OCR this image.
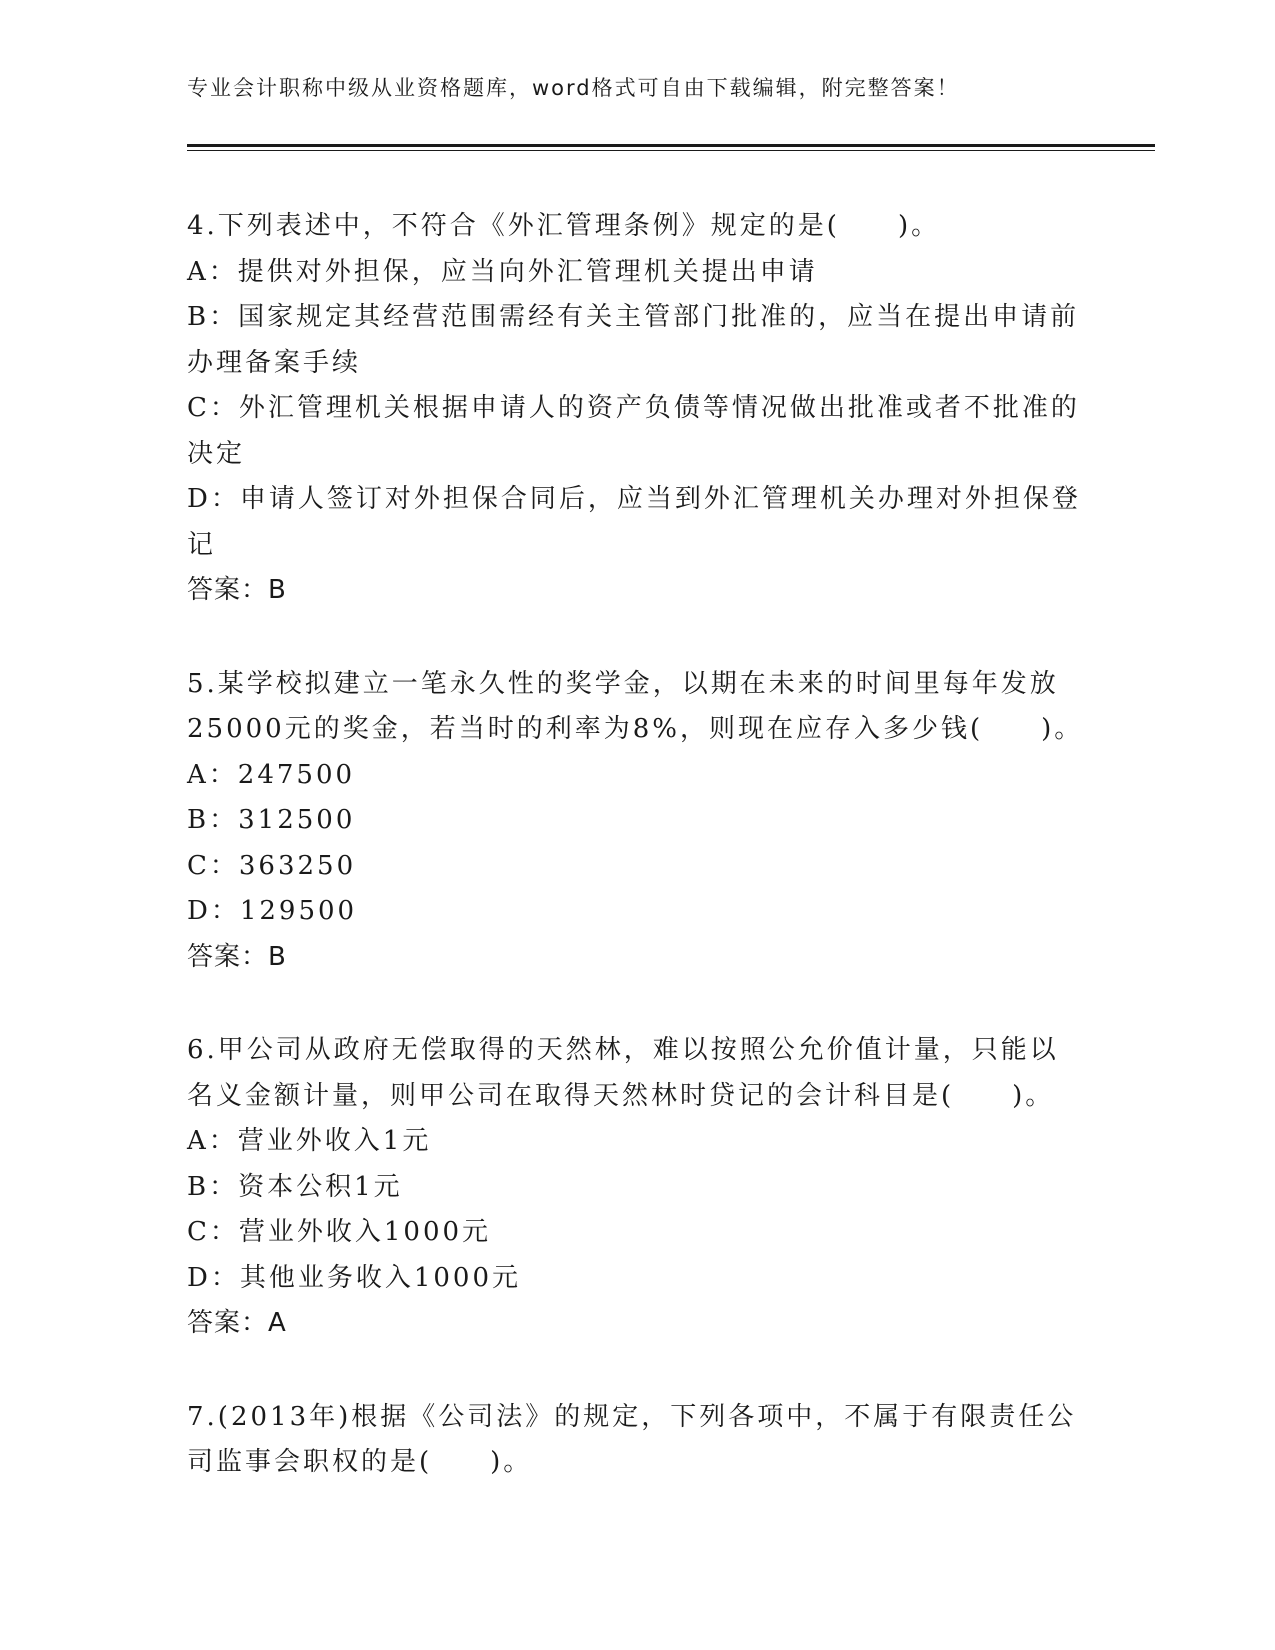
专业会计职称中级从业资格题库，word格式可自由下载编辑，附完整答案！
4.下列表述中，不符合《外汇管理条例》规定的是(　　)。
A：提供对外担保，应当向外汇管理机关提出申请
B：国家规定其经营范围需经有关主管部门批准的，应当在提出申请前
办理备案手续
C：外汇管理机关根据申请人的资产负债等情况做出批准或者不批准的
决定
D：申请人签订对外担保合同后，应当到外汇管理机关办理对外担保登
记
答案：B
5.某学校拟建立一笔永久性的奖学金，以期在未来的时间里每年发放
25000元的奖金，若当时的利率为8%，则现在应存入多少钱(　　)。
A：247500
B：312500
C：363250
D：129500
答案：B
6.甲公司从政府无偿取得的天然林，难以按照公允价值计量，只能以
名义金额计量，则甲公司在取得天然林时贷记的会计科目是(　　)。
A：营业外收入1元
B：资本公积1元
C：营业外收入1000元
D：其他业务收入1000元
答案：A
7.(2013年)根据《公司法》的规定，下列各项中，不属于有限责任公
司监事会职权的是(　　)。
